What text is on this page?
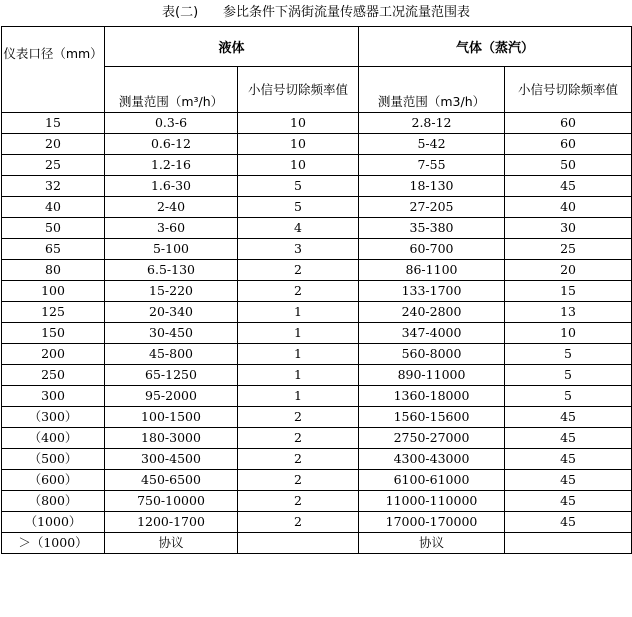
表(二)      参比条件下涡街流量传感器工况流量范围表
仪表口径（mm）	液体		气体（蒸汽）	
	测量范围（m³/h）	小信号切除频率值	测量范围（m3/h）	小信号切除频率值
15	0.3-6	10	2.8-12	60
20	0.6-12	10	5-42	60
25	1.2-16	10	7-55	50
32	1.6-30	5	18-130	45
40	2-40	5	27-205	40
50	3-60	4	35-380	30
65	5-100	3	60-700	25
80	6.5-130	2	86-1100	20
100	15-220	2	133-1700	15
125	20-340	1	240-2800	13
150	30-450	1	347-4000	10
200	45-800	1	560-8000	5
250	65-1250	1	890-11000	5
300	95-2000	1	1360-18000	5
（300）	100-1500	2	1560-15600	45
（400）	180-3000	2	2750-27000	45
（500）	300-4500	2	4300-43000	45
（600）	450-6500	2	6100-61000	45
（800）	750-10000	2	11000-110000	45
（1000）	1200-1700	2	17000-170000	45
＞（1000）	协议		协议	
